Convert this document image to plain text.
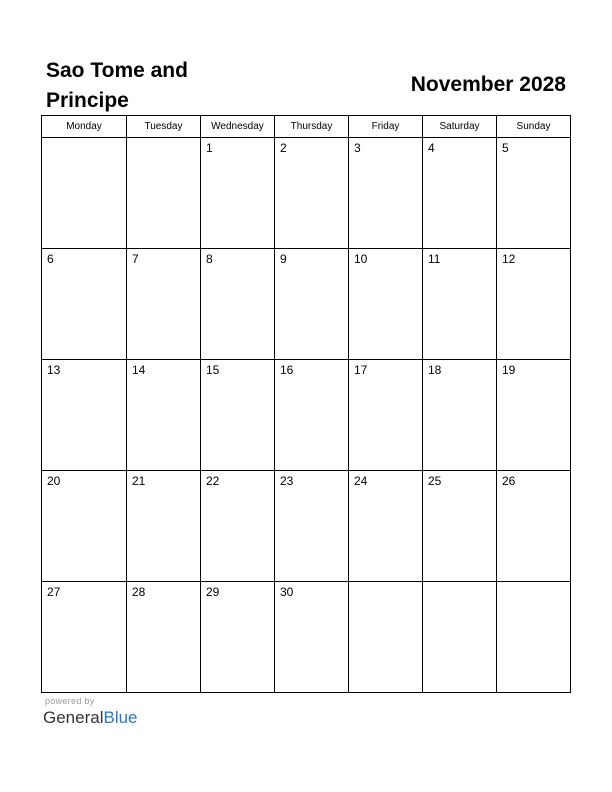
Sao Tome and Principe
November 2028
Monday	Tuesday	Wednesday	Thursday	Friday	Saturday	Sunday

		1	2	3	4	5

6	7	8	9	10	11	12

13	14	15	16	17	18	19

20	21	22	23	24	25	26

27	28	29	30			

powered by
GeneralBlue
